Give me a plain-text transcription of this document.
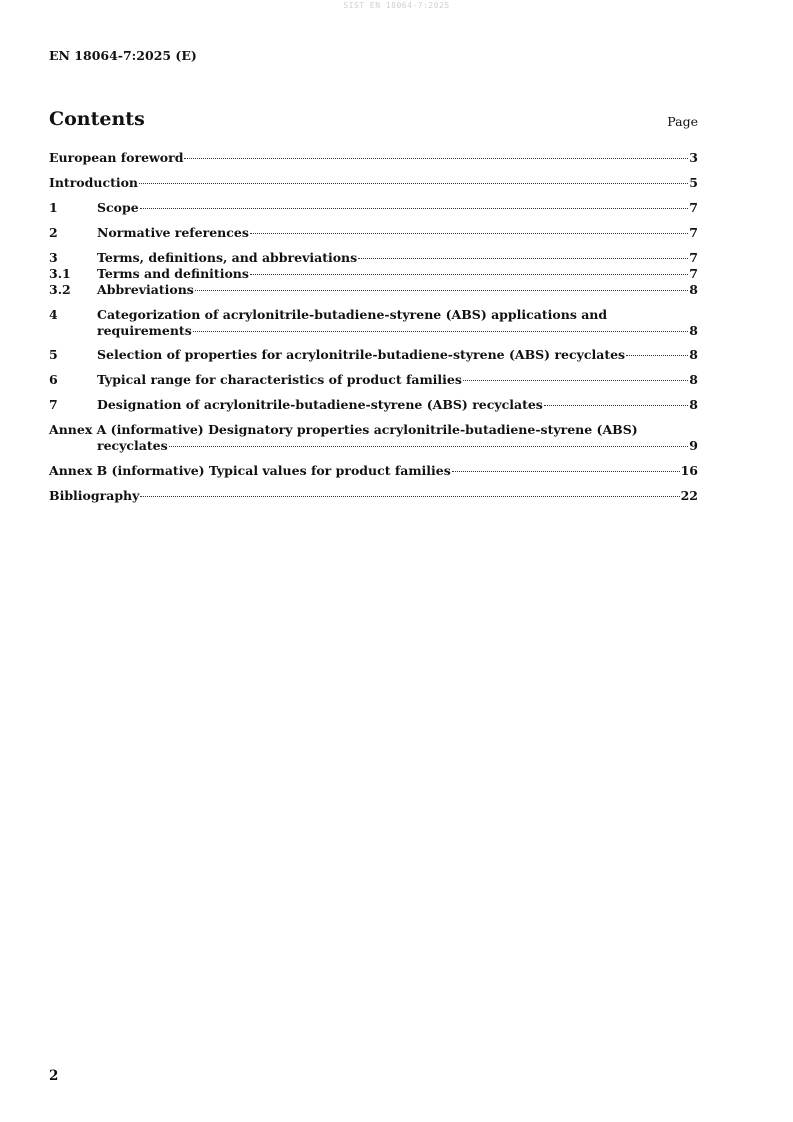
SIST EN 18064-7:2025
EN 18064-7:2025 (E)
Contents	Page
European foreword	3
Introduction	5
1	Scope	7
2	Normative references	7
3	Terms, definitions, and abbreviations	7
3.1	Terms and definitions	7
3.2	Abbreviations	8
4	Categorization of acrylonitrile-butadiene-styrene (ABS) applications and
requirements	8
5	Selection of properties for acrylonitrile-butadiene-styrene (ABS) recyclates	8
6	Typical range for characteristics of product families	8
7	Designation of acrylonitrile-butadiene-styrene (ABS) recyclates	8
Annex A (informative) Designatory properties acrylonitrile-butadiene-styrene (ABS)
recyclates	9
Annex B (informative) Typical values for product families	16
Bibliography	22
2
